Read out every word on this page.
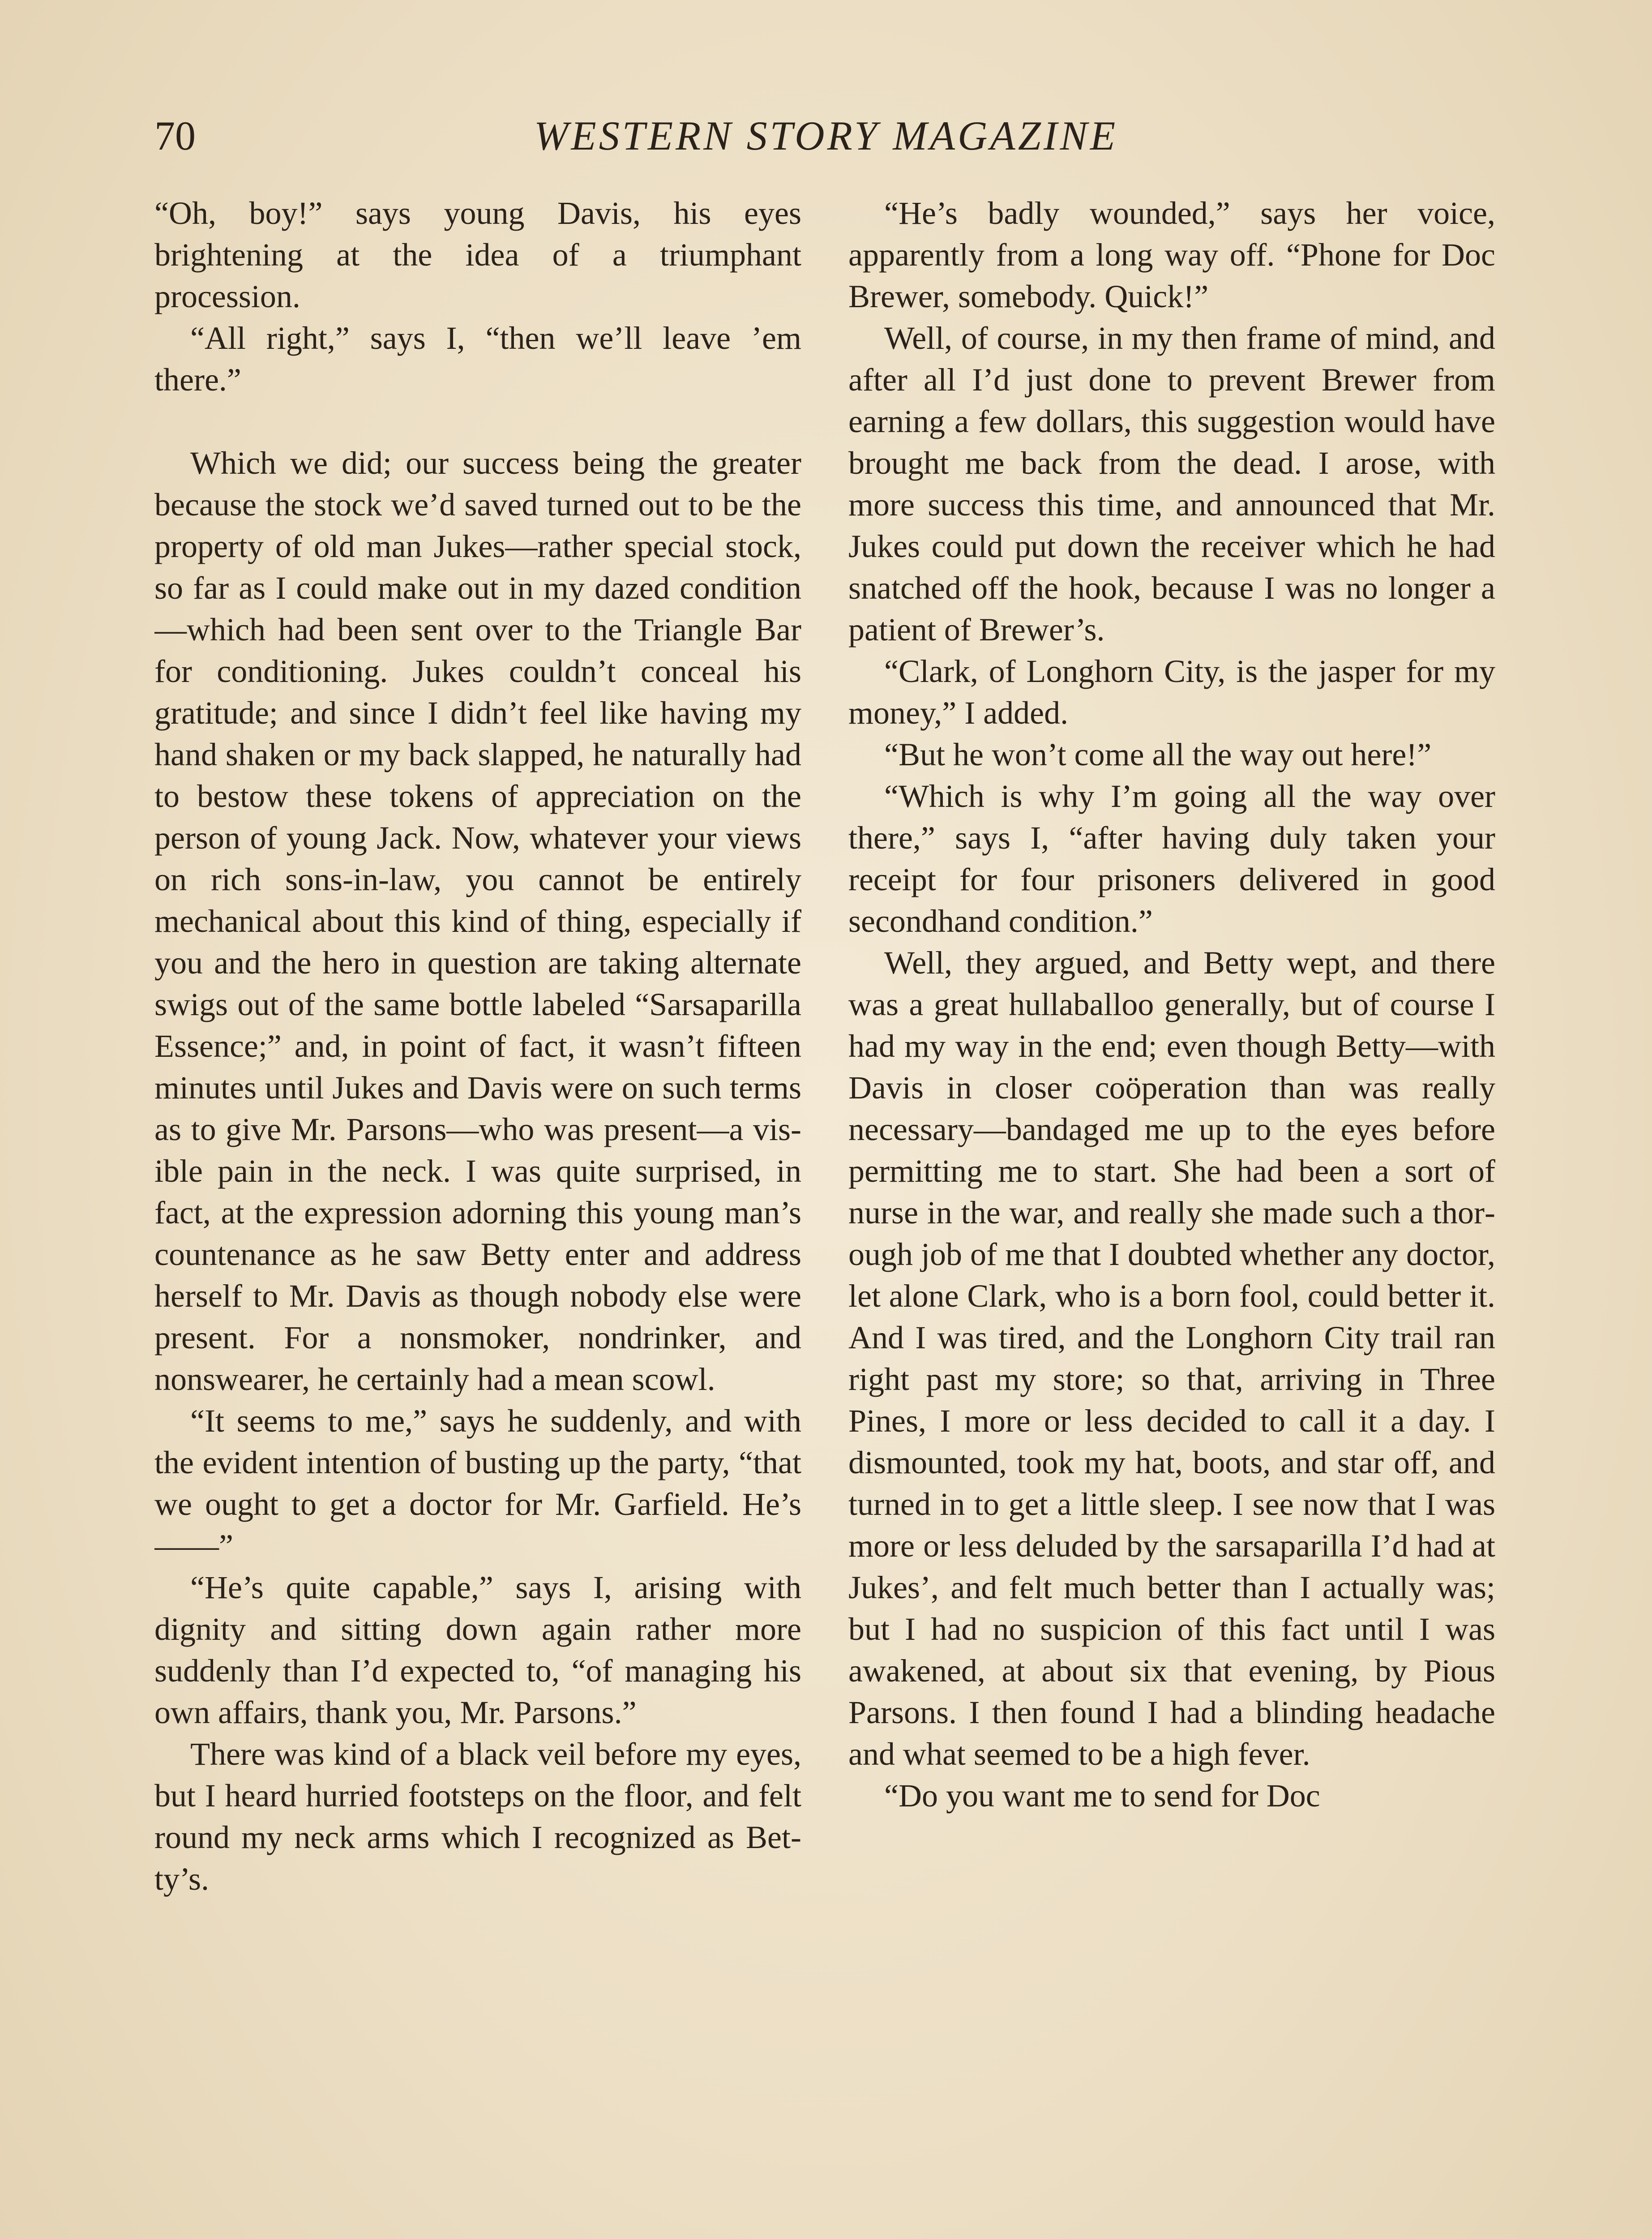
70	WESTERN STORY MAGAZINE

“Oh, boy!” says young Davis, his eyes brightening at the idea of a triumphant procession.

“All right,” says I, “then we’ll leave ’em there.”

Which we did; our success being the greater because the stock we’d saved turned out to be the property of old man Jukes—rather special stock, so far as I could make out in my dazed condition—which had been sent over to the Triangle Bar for conditioning. Jukes couldn’t conceal his gratitude; and since I didn’t feel like having my hand shaken or my back slapped, he naturally had to bestow these tokens of appreciation on the person of young Jack. Now, whatever your views on rich sons-in-law, you cannot be entirely mechanical about this kind of thing, especially if you and the hero in question are taking alternate swigs out of the same bottle labeled “Sarsaparilla Essence;” and, in point of fact, it wasn’t fifteen minutes until Jukes and Davis were on such terms as to give Mr. Parsons—who was present—a visible pain in the neck. I was quite surprised, in fact, at the expression adorning this young man’s countenance as he saw Betty enter and address herself to Mr. Davis as though nobody else were present. For a nonsmoker, nondrinker, and nonswearer, he certainly had a mean scowl.

“It seems to me,” says he suddenly, and with the evident intention of busting up the party, “that we ought to get a doctor for Mr. Garfield. He’s——”

“He’s quite capable,” says I, arising with dignity and sitting down again rather more suddenly than I’d expected to, “of managing his own affairs, thank you, Mr. Parsons.”

There was kind of a black veil before my eyes, but I heard hurried footsteps on the floor, and felt round my neck arms which I recognized as Betty’s.

“He’s badly wounded,” says her voice, apparently from a long way off. “Phone for Doc Brewer, somebody. Quick!”

Well, of course, in my then frame of mind, and after all I’d just done to prevent Brewer from earning a few dollars, this suggestion would have brought me back from the dead. I arose, with more success this time, and announced that Mr. Jukes could put down the receiver which he had snatched off the hook, because I was no longer a patient of Brewer’s.

“Clark, of Longhorn City, is the jasper for my money,” I added.

“But he won’t come all the way out here!”

“Which is why I’m going all the way over there,” says I, “after having duly taken your receipt for four prisoners delivered in good secondhand condition.”

Well, they argued, and Betty wept, and there was a great hullaballoo generally, but of course I had my way in the end; even though Betty—with Davis in closer coöperation than was really necessary—bandaged me up to the eyes before permitting me to start. She had been a sort of nurse in the war, and really she made such a thorough job of me that I doubted whether any doctor, let alone Clark, who is a born fool, could better it. And I was tired, and the Longhorn City trail ran right past my store; so that, arriving in Three Pines, I more or less decided to call it a day. I dismounted, took my hat, boots, and star off, and turned in to get a little sleep. I see now that I was more or less deluded by the sarsaparilla I’d had at Jukes’, and felt much better than I actually was; but I had no suspicion of this fact until I was awakened, at about six that evening, by Pious Parsons. I then found I had a blinding headache and what seemed to be a high fever.

“Do you want me to send for Doc
